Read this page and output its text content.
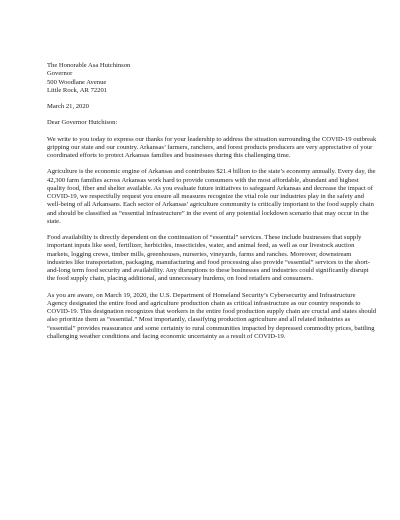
The Honorable Asa Hutchinson
Governor
500 Woodlane Avenue
Little Rock, AR 72201
March 21, 2020
Dear Governor Hutchison:

We write to you today to express our thanks for your leadership to address the situation surrounding the COVID-19 outbreak gripping our state and our country. Arkansas’ farmers, ranchers, and forest products producers are very appreciative of your coordinated efforts to protect Arkansas families and businesses during this challenging time.

Agriculture is the economic engine of Arkansas and contributes $21.4 billion to the state’s economy annually. Every day, the 42,300 farm families across Arkansas work hard to provide consumers with the most affordable, abundant and highest quality food, fiber and shelter available. As you evaluate future initiatives to safeguard Arkansas and decrease the impact of COVID-19, we respectfully request you ensure all measures recognize the vital role our industries play in the safety and well-being of all Arkansans. Each sector of Arkansas’ agriculture community is critically important to the food supply chain and should be classified as “essential infrastructure” in the event of any potential lockdown scenario that may occur in the state.

Food availability is directly dependent on the continuation of “essential” services. These include businesses that supply important inputs like seed, fertilizer, herbicides, insecticides, water, and animal feed, as well as our livestock auction markets, logging crews, timber mills, greenhouses, nurseries, vineyards, farms and ranches. Moreover, downstream industries like transportation, packaging, manufacturing and food processing also provide “essential” services to the short-and-long term food security and availability. Any disruptions to these businesses and industries could significantly disrupt the food supply chain, placing additional, and unnecessary burdens, on food retailers and consumers.

As you are aware, on March 19, 2020, the U.S. Department of Homeland Security’s Cybersecurity and Infrastructure Agency designated the entire food and agriculture production chain as critical infrastructure as our country responds to COVID-19. This designation recognizes that workers in the entire food production supply chain are crucial and states should also prioritize them as “essential.” Most importantly, classifying production agriculture and all related industries as “essential” provides reassurance and some certainty to rural communities impacted by depressed commodity prices, battling challenging weather conditions and facing economic uncertainty as a result of COVID-19.
